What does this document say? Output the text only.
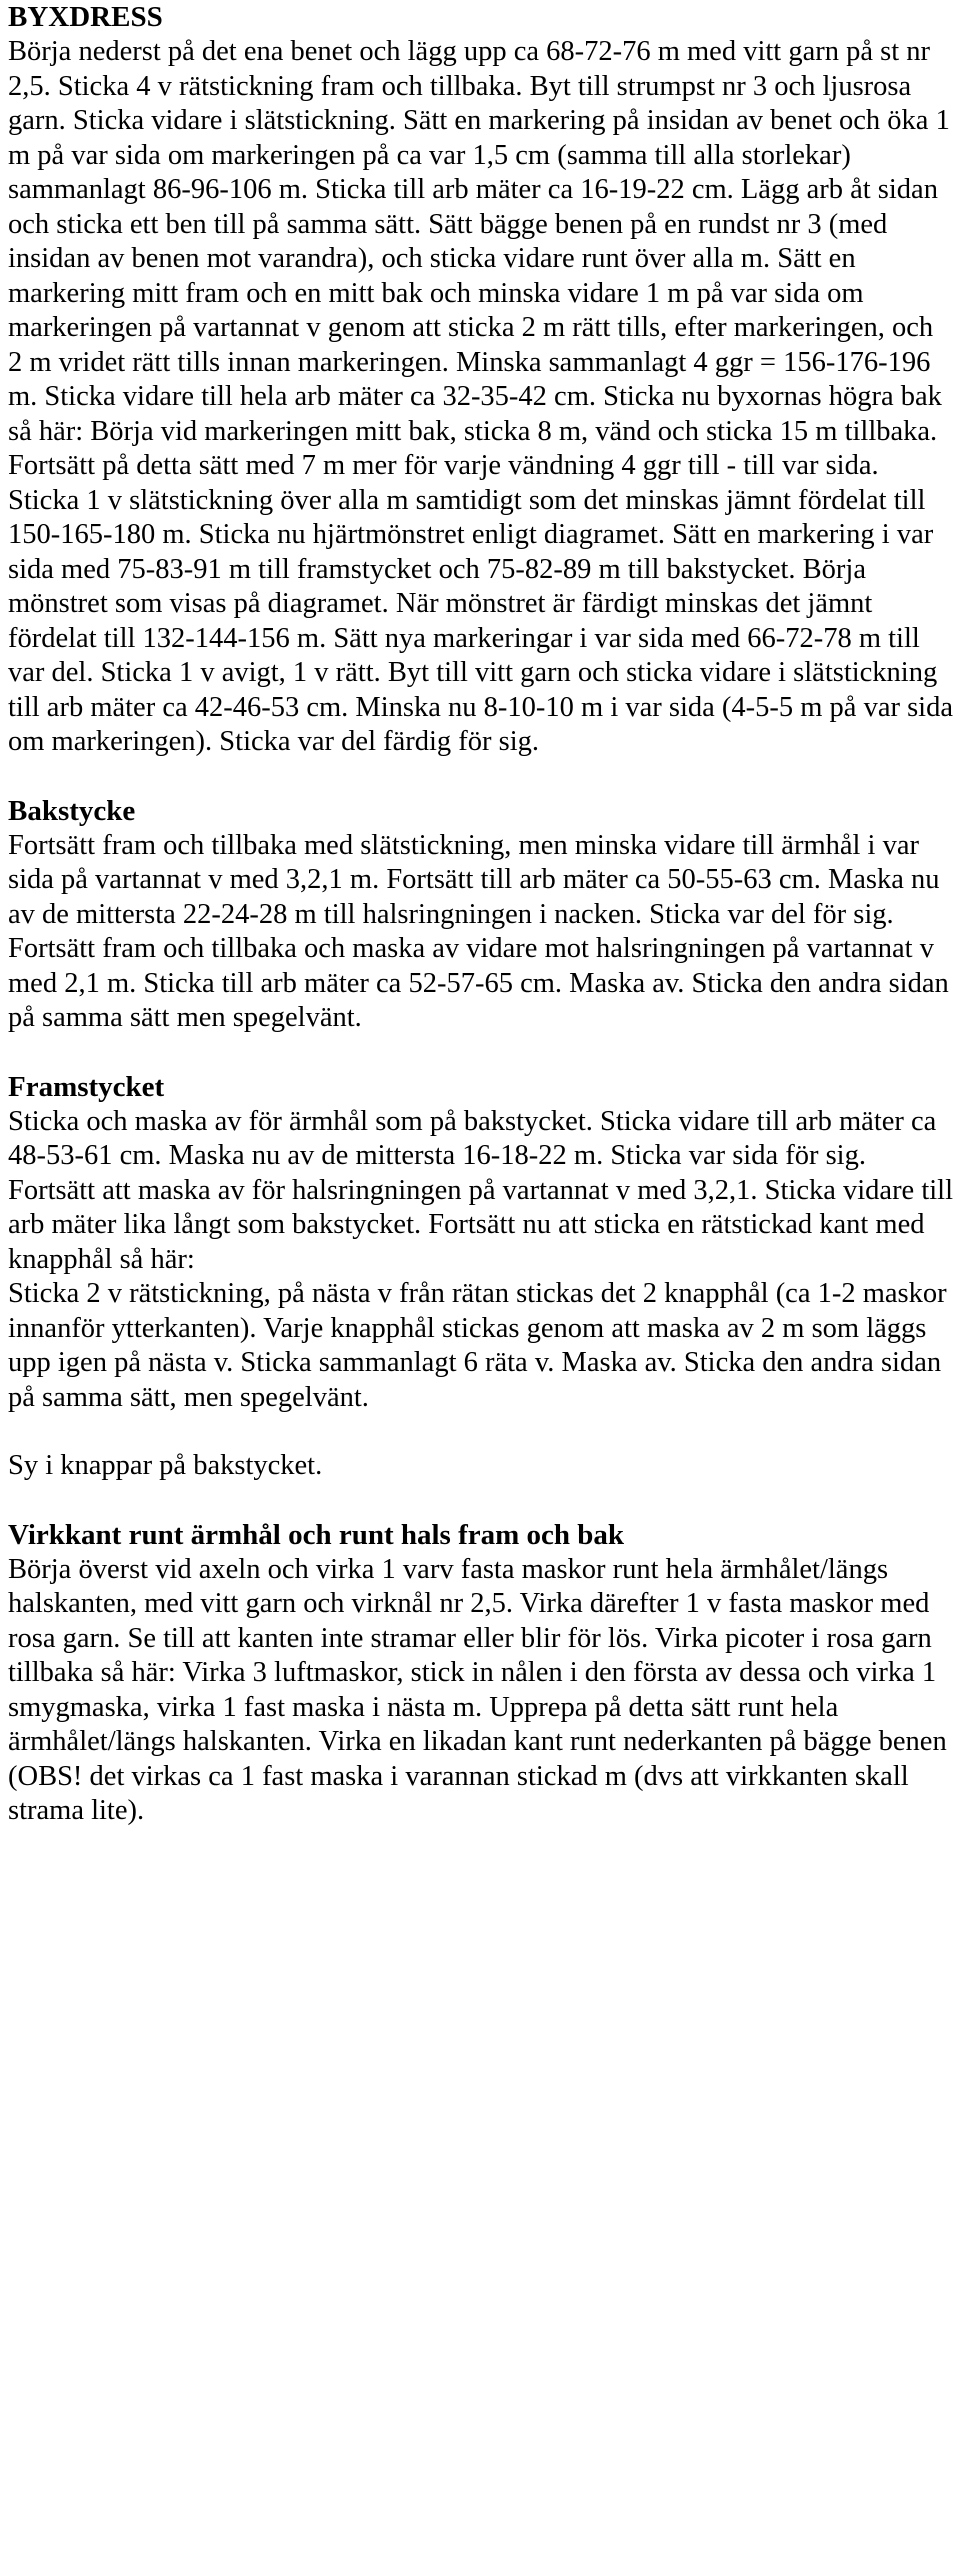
BYXDRESS

Börja nederst på det ena benet och lägg upp ca 68-72-76 m med vitt garn på st nr 2,5. Sticka 4 v rätstickning fram och tillbaka. Byt till strumpst nr 3 och ljusrosa garn. Sticka vidare i slätstickning. Sätt en markering på insidan av benet och öka 1 m på var sida om markeringen på ca var 1,5 cm (samma till alla storlekar) sammanlagt 86-96-106 m. Sticka till arb mäter ca 16-19-22 cm. Lägg arb åt sidan och sticka ett ben till på samma sätt. Sätt bägge benen på en rundst nr 3 (med insidan av benen mot varandra), och sticka vidare runt över alla m. Sätt en markering mitt fram och en mitt bak och minska vidare 1 m på var sida om markeringen på vartannat v genom att sticka 2 m rätt tills, efter markeringen, och 2 m vridet rätt tills innan markeringen. Minska sammanlagt 4 ggr = 156-176-196 m. Sticka vidare till hela arb mäter ca 32-35-42 cm. Sticka nu byxornas högra bak så här: Börja vid markeringen mitt bak, sticka 8 m, vänd och sticka 15 m tillbaka. Fortsätt på detta sätt med 7 m mer för varje vändning 4 ggr till - till var sida. Sticka 1 v slätstickning över alla m samtidigt som det minskas jämnt fördelat till 150-165-180 m. Sticka nu hjärtmönstret enligt diagramet. Sätt en markering i var sida med 75-83-91 m till framstycket och 75-82-89 m till bakstycket. Börja mönstret som visas på diagramet. När mönstret är färdigt minskas det jämnt fördelat till 132-144-156 m. Sätt nya markeringar i var sida med 66-72-78 m till var del. Sticka 1 v avigt, 1 v rätt. Byt till vitt garn och sticka vidare i slätstickning till arb mäter ca 42-46-53 cm. Minska nu 8-10-10 m i var sida (4-5-5 m på var sida om markeringen). Sticka var del färdig för sig.

Bakstycke

Fortsätt fram och tillbaka med slätstickning, men minska vidare till ärmhål i var sida på vartannat v med 3,2,1 m. Fortsätt till arb mäter ca 50-55-63 cm. Maska nu av de mittersta 22-24-28 m till halsringningen i nacken. Sticka var del för sig. Fortsätt fram och tillbaka och maska av vidare mot halsringningen på vartannat v med 2,1 m. Sticka till arb mäter ca 52-57-65 cm. Maska av. Sticka den andra sidan på samma sätt men spegelvänt.

Framstycket

Sticka och maska av för ärmhål som på bakstycket. Sticka vidare till arb mäter ca 48-53-61 cm. Maska nu av de mittersta 16-18-22 m. Sticka var sida för sig. Fortsätt att maska av för halsringningen på vartannat v med 3,2,1. Sticka vidare till arb mäter lika långt som bakstycket. Fortsätt nu att sticka en rätstickad kant med knapphål så här:

Sticka 2 v rätstickning, på nästa v från rätan stickas det 2 knapphål (ca 1-2 maskor innanför ytterkanten). Varje knapphål stickas genom att maska av 2 m som läggs upp igen på nästa v. Sticka sammanlagt 6 räta v. Maska av. Sticka den andra sidan på samma sätt, men spegelvänt.

Sy i knappar på bakstycket.

Virkkant runt ärmhål och runt hals fram och bak

Börja överst vid axeln och virka 1 varv fasta maskor runt hela ärmhålet/längs halskanten, med vitt garn och virknål nr 2,5. Virka därefter 1 v fasta maskor med rosa garn. Se till att kanten inte stramar eller blir för lös. Virka picoter i rosa garn tillbaka så här: Virka 3 luftmaskor, stick in nålen i den första av dessa och virka 1 smygmaska, virka 1 fast maska i nästa m. Upprepa på detta sätt runt hela ärmhålet/längs halskanten. Virka en likadan kant runt nederkanten på bägge benen (OBS! det virkas ca 1 fast maska i varannan stickad m (dvs att virkkanten skall strama lite).
